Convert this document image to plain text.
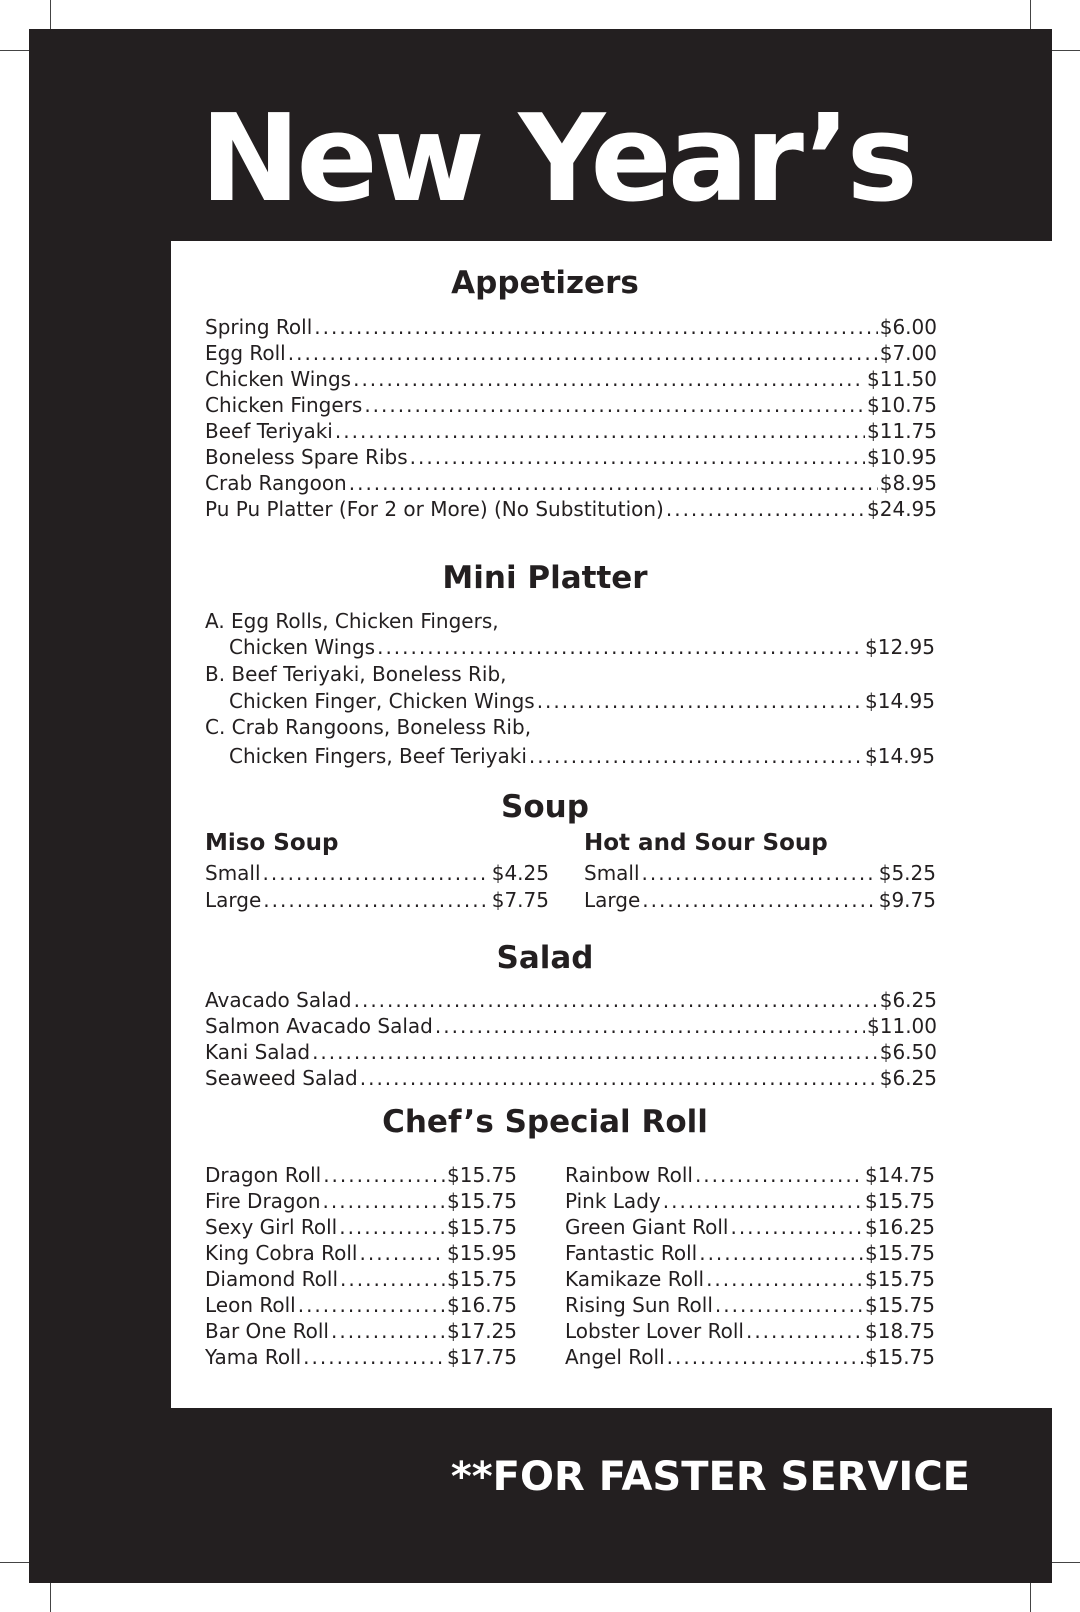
New Year’s
Appetizers
Spring Roll .....	$6.00
Egg Roll .....	$7.00
Chicken Wings .....	$11.50
Chicken Fingers .....	$10.75
Beef Teriyaki .....	$11.75
Boneless Spare Ribs .....	$10.95
Crab Rangoon .....	$8.95
Pu Pu Platter (For 2 or More) (No Substitution) .....	$24.95
Mini Platter
A. Egg Rolls, Chicken Fingers,
Chicken Wings .....	$12.95
B. Beef Teriyaki, Boneless Rib,
Chicken Finger, Chicken Wings .....	$14.95
C. Crab Rangoons, Boneless Rib,
Chicken Fingers, Beef Teriyaki .....	$14.95
Soup
Miso Soup
Small .....	$4.25
Large .....	$7.75
Hot and Sour Soup
Small .....	$5.25
Large .....	$9.75
Salad
Avacado Salad .....	$6.25
Salmon Avacado Salad .....	$11.00
Kani Salad .....	$6.50
Seaweed Salad .....	$6.25
Chef’s Special Roll
Dragon Roll .....	$15.75
Fire Dragon .....	$15.75
Sexy Girl Roll .....	$15.75
King Cobra Roll .....	$15.95
Diamond Roll .....	$15.75
Leon Roll .....	$16.75
Bar One Roll .....	$17.25
Yama Roll .....	$17.75
Rainbow Roll .....	$14.75
Pink Lady .....	$15.75
Green Giant Roll .....	$16.25
Fantastic Roll .....	$15.75
Kamikaze Roll .....	$15.75
Rising Sun Roll .....	$15.75
Lobster Lover Roll .....	$18.75
Angel Roll .....	$15.75
**FOR FASTER SERVICE
